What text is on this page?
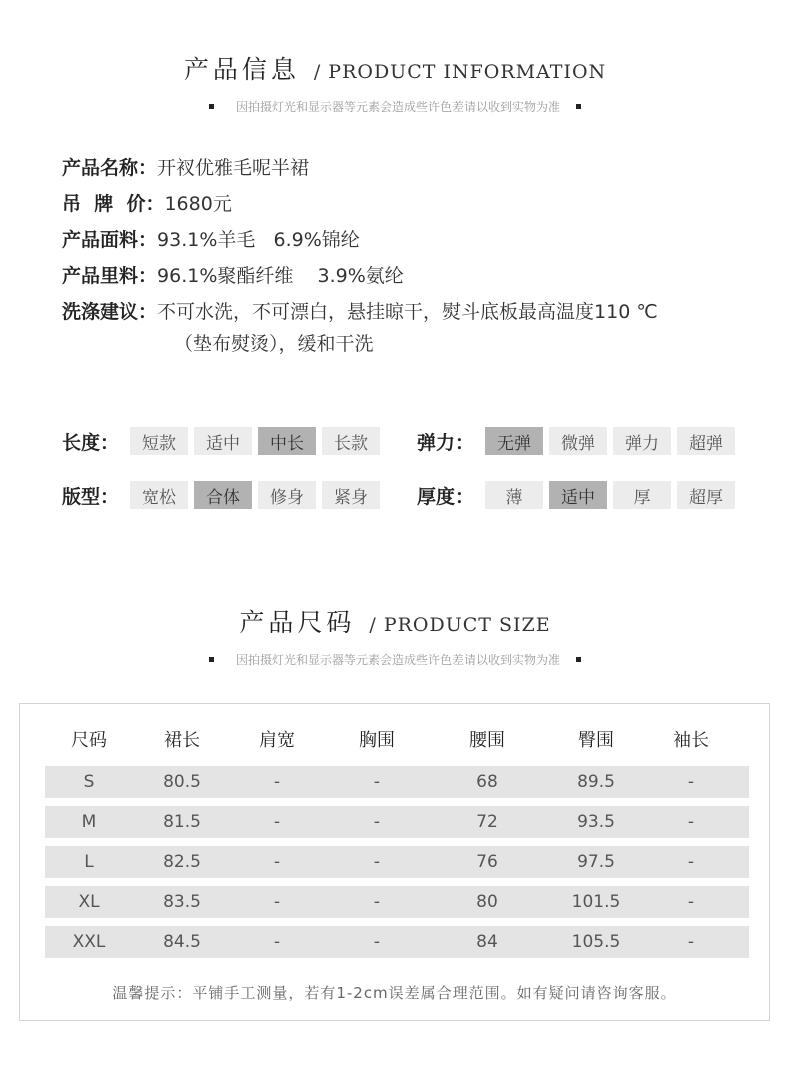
产品信息 / PRODUCT INFORMATION
因拍摄灯光和显示器等元素会造成些许色差请以收到实物为准
产品名称： 开衩优雅毛呢半裙
吊  牌  价： 1680元
产品面料： 93.1%羊毛   6.9%锦纶
产品里料： 96.1%聚酯纤维    3.9%氨纶
洗涤建议： 不可水洗，不可漂白，悬挂晾干，熨斗底板最高温度110 ℃
（垫布熨烫），缓和干洗
长度：	短款	适中	中长	长款	弹力：	无弹	微弹	弹力	超弹
版型：	宽松	合体	修身	紧身	厚度：	薄	适中	厚	超厚
产品尺码 / PRODUCT SIZE
因拍摄灯光和显示器等元素会造成些许色差请以收到实物为准
尺码	裙长	肩宽	胸围	腰围	臀围	袖长
S	80.5	-	-	68	89.5	-
M	81.5	-	-	72	93.5	-
L	82.5	-	-	76	97.5	-
XL	83.5	-	-	80	101.5	-
XXL	84.5	-	-	84	105.5	-
温馨提示：平铺手工测量，若有1-2cm误差属合理范围。如有疑问请咨询客服。
